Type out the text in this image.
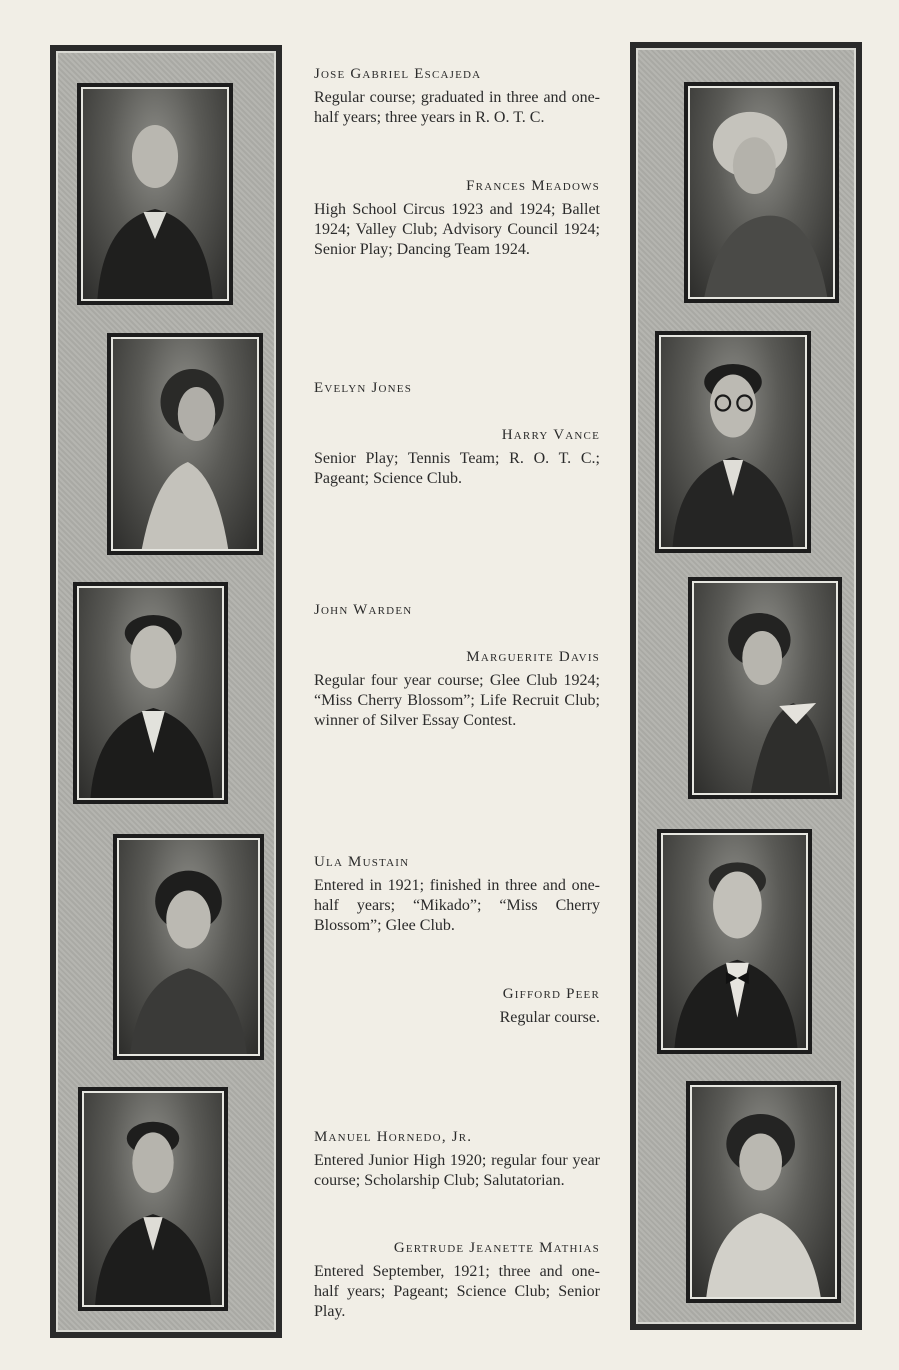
Jose Gabriel Escajeda
Regular course; graduated in three and one-half years; three years in R. O. T. C.
Frances Meadows
High School Circus 1923 and 1924; Ballet 1924; Valley Club; Advisory Council 1924; Senior Play; Dancing Team 1924.
Evelyn Jones
Harry Vance
Senior Play; Tennis Team; R. O. T. C.; Pageant; Science Club.
John Warden
Marguerite Davis
Regular four year course; Glee Club 1924; “Miss Cherry Blossom”; Life Recruit Club; winner of Silver Essay Contest.
Ula Mustain
Entered in 1921; finished in three and one-half years; “Mikado”; “Miss Cherry Blossom”; Glee Club.
Gifford Peer
Regular course.
Manuel Hornedo, Jr.
Entered Junior High 1920; regular four year course; Scholarship Club; Salutatorian.
Gertrude Jeanette Mathias
Entered September, 1921; three and one-half years; Pageant; Science Club; Senior Play.
